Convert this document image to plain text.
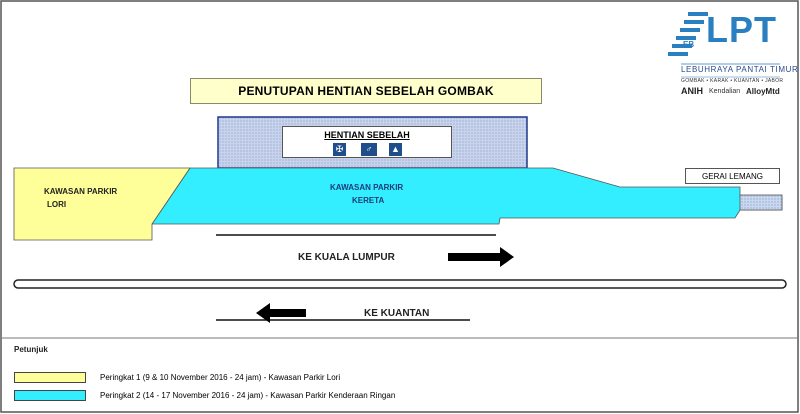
LPT
EB
LEBUHRAYA PANTAI TIMUR
GOMBAK • KARAK • KUANTAN • JABOR
ANIH Kendalian AlloyMtd
PENUTUPAN HENTIAN SEBELAH GOMBAK
HENTIAN SEBELAH
✠	♂	▲
KAWASAN PARKIR
LORI
KAWASAN PARKIR
KERETA
GERAI LEMANG
KE KUALA LUMPUR
KE KUANTAN
Petunjuk
Peringkat 1 (9 & 10 November 2016 - 24 jam) - Kawasan Parkir Lori
Peringkat 2 (14 - 17 November 2016 - 24 jam) - Kawasan Parkir Kenderaan Ringan
